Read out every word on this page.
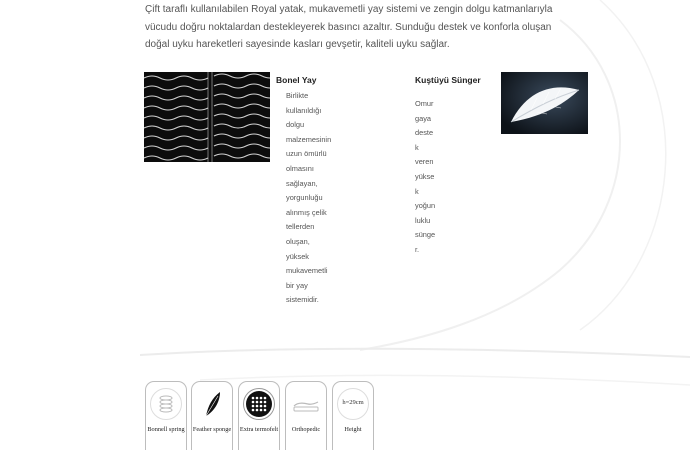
Çift taraflı kullanılabilen Royal yatak, mukavemetli yay sistemi ve zengin dolgu katmanlarıyla vücudu doğru noktalardan destekleyerek basıncı azaltır. Sunduğu destek ve konforla oluşan doğal uyku hareketleri sayesinde kasları gevşetir, kaliteli uyku sağlar.
Bonel Yay
Birlikte
kullanıldığı
dolgu
malzemesinin
uzun ömürlü
olmasını
sağlayan,
yorgunluğu
alınmış çelik
tellerden
oluşan,
yüksek
mukavemetli
bir yay
sistemidir.
Kuştüyü Sünger
Omur
gaya
deste
k
veren
yükse
k
yoğun
luklu
sünge
r.
Bonnell spring Feather sponge Extra termofelt	Orthopedic
h=29cm
Height
